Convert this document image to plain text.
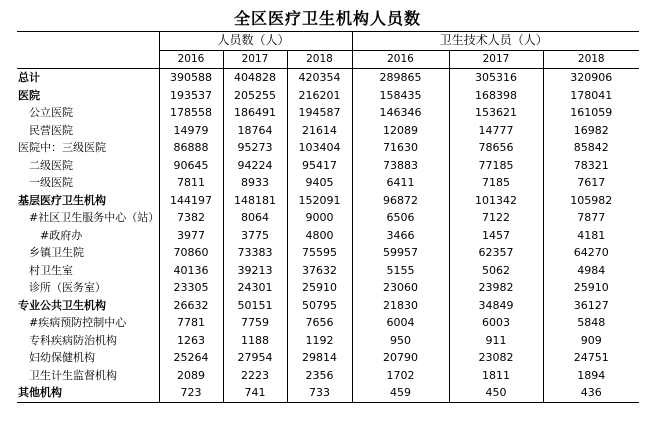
全区医疗卫生机构人员数
	人员数（人）			卫生技术人员（人）		
	2016	2017	2018	2016	2017	2018
总计	390588	404828	420354	289865	305316	320906
医院	193537	205255	216201	158435	168398	178041
　公立医院	178558	186491	194587	146346	153621	161059
　民营医院	14979	18764	21614	12089	14777	16982
医院中：三级医院	86888	95273	103404	71630	78656	85842
　二级医院	90645	94224	95417	73883	77185	78321
　一级医院	7811	8933	9405	6411	7185	7617
基层医疗卫生机构	144197	148181	152091	96872	101342	105982
　#社区卫生服务中心（站）	7382	8064	9000	6506	7122	7877
　　#政府办	3977	3775	4800	3466	1457	4181
　乡镇卫生院	70860	73383	75595	59957	62357	64270
　村卫生室	40136	39213	37632	5155	5062	4984
　诊所（医务室）	23305	24301	25910	23060	23982	25910
专业公共卫生机构	26632	50151	50795	21830	34849	36127
　#疾病预防控制中心	7781	7759	7656	6004	6003	5848
　专科疾病防治机构	1263	1188	1192	950	911	909
　妇幼保健机构	25264	27954	29814	20790	23082	24751
　卫生计生监督机构	2089	2223	2356	1702	1811	1894
其他机构	723	741	733	459	450	436
